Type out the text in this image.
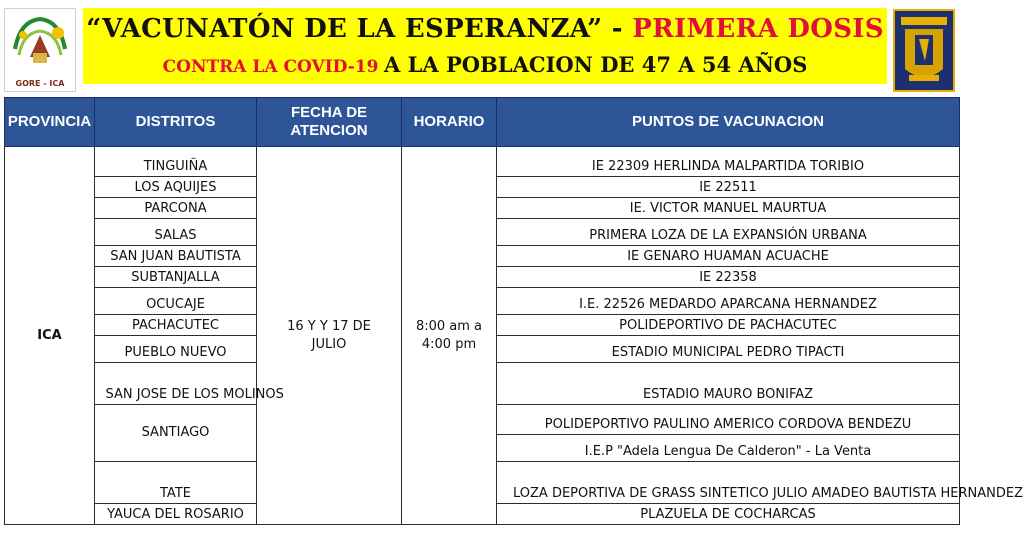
GORE - ICA
“VACUNATÓN DE LA ESPERANZA” - PRIMERA DOSIS
CONTRA LA COVID-19 A LA POBLACION DE 47 A 54 AÑOS
PROVINCIA	DISTRITOS	FECHA DE ATENCION	HORARIO	PUNTOS DE VACUNACION
ICA	TINGUIÑA	16 Y Y 17 DE JULIO	8:00 am a 4:00 pm	IE 22309 HERLINDA MALPARTIDA TORIBIO
	LOS AQUIJES			IE 22511
	PARCONA			IE. VICTOR MANUEL MAURTUA
	SALAS			PRIMERA LOZA DE LA EXPANSIÓN URBANA
	SAN JUAN BAUTISTA			IE GENARO HUAMAN ACUACHE
	SUBTANJALLA			IE 22358
	OCUCAJE			I.E. 22526 MEDARDO APARCANA HERNANDEZ
	PACHACUTEC			POLIDEPORTIVO DE PACHACUTEC
	PUEBLO NUEVO			ESTADIO MUNICIPAL PEDRO TIPACTI

	SAN JOSE DE LOS MOLINOS			ESTADIO MAURO BONIFAZ
	SANTIAGO			POLIDEPORTIVO PAULINO AMERICO CORDOVA BENDEZU
				I.E.P "Adela Lengua De Calderon" - La Venta
	TATE			LOZA DEPORTIVA DE GRASS SINTETICO JULIO AMADEO BAUTISTA HERNANDEZ

	YAUCA DEL ROSARIO			PLAZUELA DE COCHARCAS
